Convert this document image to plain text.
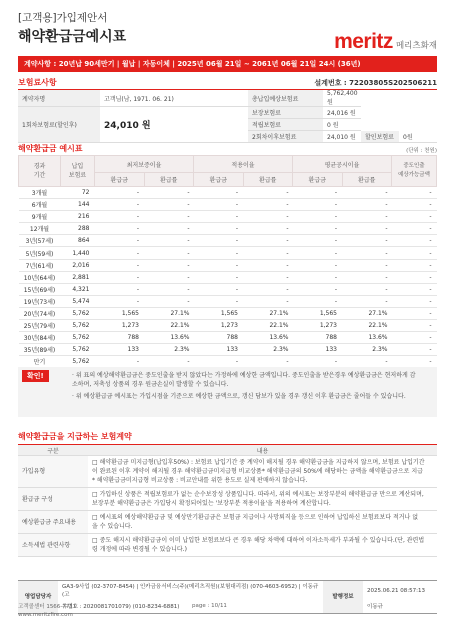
[고객용]가입제안서
해약환급금예시표	meritz 메리츠화재
계약사항 : 20년납 90세만기 | 월납 | 자동이체 | 2025년 06월 21일 ~ 2061년 06월 21일 24시 (36년)
보험료사항	설계번호 : 72203805S202506211
계약자명	고객님(남, 1971. 06. 21)	총납입예상보험료	5,762,400원		
1회차보험료(할인후)	24,010 원	보장보험료	24,016 원		
		적립보험료	0 원		
		2회차이후보험료	24,010 원	할인보험료	0원
해약환급금 예시표	(단위 : 천원)
경과
기간	납입
보험료	최저보증이율		적용이율		평균공시이율		중도인출
예상가능금액
		환급금	환급률	환급금	환급률	환급금	환급률	
3개월	72	-	-	-	-	-	-	-
6개월	144	-	-	-	-	-	-	-
9개월	216	-	-	-	-	-	-	-
12개월	288	-	-	-	-	-	-	-
3년(57세)	864	-	-	-	-	-	-	-
5년(59세)	1,440	-	-	-	-	-	-	-
7년(61세)	2,016	-	-	-	-	-	-	-
10년(64세)	2,881	-	-	-	-	-	-	-
15년(69세)	4,321	-	-	-	-	-	-	-
19년(73세)	5,474	-	-	-	-	-	-	-
20년(74세)	5,762	1,565	27.1%	1,565	27.1%	1,565	27.1%	-
25년(79세)	5,762	1,273	22.1%	1,273	22.1%	1,273	22.1%	-
30년(84세)	5,762	788	13.6%	788	13.6%	788	13.6%	-
35년(89세)	5,762	133	2.3%	133	2.3%	133	2.3%	-
만기	5,762	-	-	-	-	-	-	-
확인!	· 위 표의 예상해약환급금은 중도인출을 받지 않았다는 가정하에 예상한 금액입니다. 중도인출을 받은경우 예상환급금은 현저하게 감
소하며, 저축성 상품의 경우 원금손실이 발생할 수 있습니다.
· 위 예상환급금 예시표는 가입시점을 기준으로 예상한 금액으로, 갱신 담보가 있을 경우 갱신 이후 환급금은 줄어들 수 있습니다.
해약환급금을 지급하는 보험계약
구분	내용
가입유형	□ 해약환급금 미지급형(납입후50%) : 보험료 납입기간 중 계약이 해지될 경우 해약환급금을 지급하지 않으며, 보험료 납입기간
이 완료된 이후 계약이 해지될 경우 해약환급금미지급형 비교상품* 해약환급금의 50%에 해당하는 금액을 해약환급금으로 지급
* 해약환급금미지급형 비교상품 : 비교안내를 위한 용도로 실제 판매하지 않습니다.

환급금 구성	□ 가입하신 상품은 적립보험료가 없는 순수보장성 상품입니다. 따라서, 위의 예시표는 보장부분의 해약환급금 만으로 계산되며,
보장부분 해약환급금은 가입당시 확정되어있는 '보장부분 적용이율'을 적용하여 계산합니다.

예상환급금 주요내용	□ 예시표의 예상해약환급금 및 예상만기환급금은 보험금 지급이나 사망퇴직을 등으로 인하여 납입하신 보험료보다 적거나 없
을 수 있습니다.

소득세법 관련사항	□ 중도 해지시 해약환급금이 이미 납입한 보험료보다 큰 경우 해당 차액에 대하여 이자소득세가 부과될 수 있습니다.(단, 관련법
령 개정에 따라 변경될 수 있습니다.)
영업담당자	GA3-9사업 (02-3707-8454) | 인카금융서비스(주)(메리츠직원)(보험대리점) (070-4603-6952) | 이동규(고	발행정보	2025.06.21 08:57:13
	유번호 : 2020081701079) (010-8234-6881)		이동규
고객콜센터 1566-7711
www.meritzfire.com
page : 10/11
